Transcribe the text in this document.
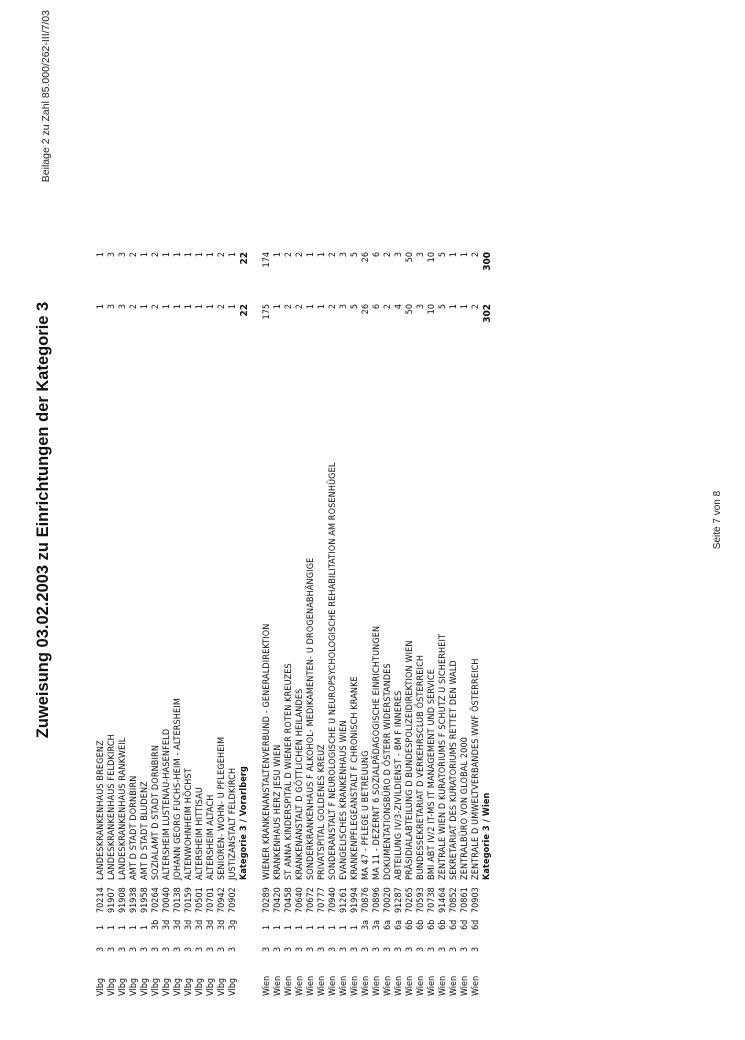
Zuweisung 03.02.2003 zu Einrichtungen der Kategorie 3
Beilage 2 zu Zahl 85.000/262-III/7/03
Vlbg
3
1
70214
LANDESKRANKENHAUS BREGENZ
1
1
Vlbg
3
1
91907
LANDESKRANKENHAUS FELDKIRCH
3
3
Vlbg
3
1
91908
LANDESKRANKENHAUS RANKWEIL
3
3
Vlbg
3
1
91938
AMT D STADT DORNBIRN
2
2
Vlbg
3
1
91958
AMT D STADT BLUDENZ
1
1
Vlbg
3
3b
70264
SOZIALAMT D STADT DORNBIRN
2
2
Vlbg
3
3d
70040
ALTERSHEIM LUSTENAU-HASENFELD
1
1
Vlbg
3
3d
70138
JOHANN GEORG FUCHS-HEIM - ALTERSHEIM
1
1
Vlbg
3
3d
70159
ALTENWOHNHEIM HÖCHST
1
1
Vlbg
3
3d
70501
ALTERSHEIM HITTISAU
1
1
Vlbg
3
3d
70701
ALTERSHEIM ALTACH
1
1
Vlbg
3
3d
70942
SENIOREN- WOHN- U PFLEGEHEIM
2
2
Vlbg
3
3g
70902
JUSTIZANSTALT FELDKIRCH
1
1
Kategorie 3 / Vorarlberg
22
22
Wien
3
1
70289
WIENER KRANKENANSTALTENVERBUND - GENERALDIREKTION
175
174
Wien
3
1
70420
KRANKENHAUS HERZ JESU WIEN
1
1
Wien
3
1
70458
ST ANNA KINDERSPITAL D WIENER ROTEN KREUZES
2
2
Wien
3
1
70640
KRANKENANSTALT D GÖTTLICHEN HEILANDES
2
2
Wien
3
1
70672
SONDERKRANKENHAUS F ALKOHOL- MEDIKAMENTEN- U DROGENABHÄNGIGE
1
1
Wien
3
1
70777
PRIVATSPITAL GOLDENES KREUZ
1
1
Wien
3
1
70940
SONDERANSTALT F NEUROLOGISCHE U NEUROPSYCHOLOGISCHE REHABILITATION AM ROSENHÜGEL
2
2
Wien
3
1
91261
EVANGELISCHES KRANKENHAUS WIEN
3
3
Wien
3
1
91994
KRANKENPFLEGEANSTALT F CHRONISCH KRANKE
5
5
Wien
3
3a
70876
MA 47 - PFLEGE U BETREUUNG
26
26
Wien
3
3a
70896
MA 11 - DEZERNT 6 SOZIALPÄDAGOGISCHE EINRICHTUNGEN
6
6
Wien
3
6a
70020
DOKUMENTATIONSBÜRO D ÖSTERR WIDERSTANDES
2
2
Wien
3
6a
91287
ABTEILUNG IV/3-ZIVILDIENST - BM F INNERES
4
3
Wien
3
6b
70265
PRÄSIDIALABTEILUNG D BUNDESPOLIZEIDIREKTION WIEN
50
50
Wien
3
6b
70593
BUNDESSEKRETARIAT D VERKEHRSCLUB ÖSTERREICH
3
3
Wien
3
6b
70738
BMI ABT IV/2 IT-MS IT MANAGEMENT UND SERVICE
10
10
Wien
3
6b
91464
ZENTRALE WIEN D KURATORIUMS F SCHUTZ U SICHERHEIT
5
5
Wien
3
6d
70852
SEKRETARIAT DES KURATORIUMS RETTET DEN WALD
1
1
Wien
3
6d
70861
ZENTRALBÜRO VON GLOBAL 2000
1
1
Wien
3
6d
70903
ZENTRALE D UMWELTVERBANDES WWF ÖSTERREICH
2
2
Kategorie 3 / Wien
302
300
Seite 7 von 8
